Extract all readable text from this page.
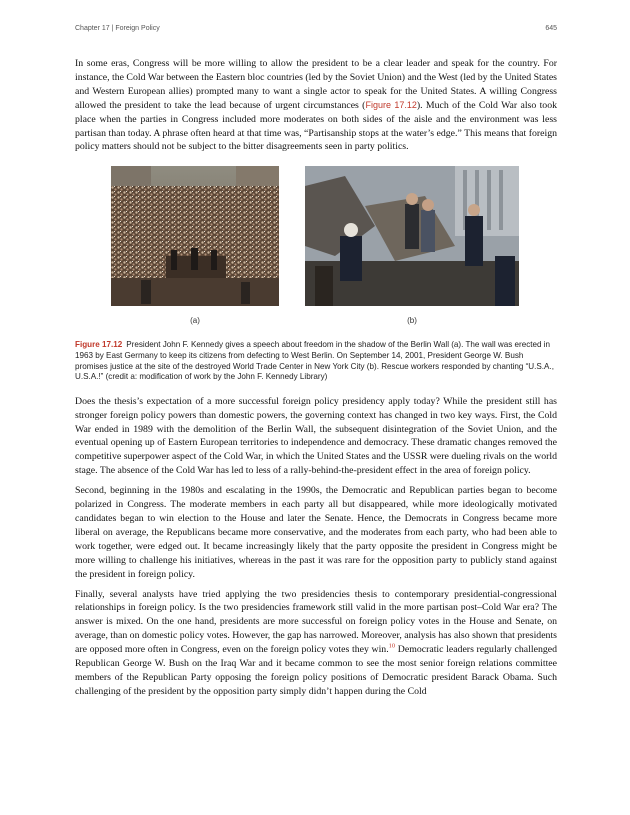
Chapter 17 | Foreign Policy	645

In some eras, Congress will be more willing to allow the president to be a clear leader and speak for the country. For instance, the Cold War between the Eastern bloc countries (led by the Soviet Union) and the West (led by the United States and Western European allies) prompted many to want a single actor to speak for the United States. A willing Congress allowed the president to take the lead because of urgent circumstances (Figure 17.12). Much of the Cold War also took place when the parties in Congress included more moderates on both sides of the aisle and the environment was less partisan than today. A phrase often heard at that time was, “Partisanship stops at the water’s edge.” This means that foreign policy matters should not be subject to the bitter disagreements seen in party politics.

(a)	(b)
Figure 17.12 President John F. Kennedy gives a speech about freedom in the shadow of the Berlin Wall (a). The wall was erected in 1963 by East Germany to keep its citizens from defecting to West Berlin. On September 14, 2001, President George W. Bush promises justice at the site of the destroyed World Trade Center in New York City (b). Rescue workers responded by chanting “U.S.A., U.S.A.!” (credit a: modification of work by the John F. Kennedy Library)

Does the thesis’s expectation of a more successful foreign policy presidency apply today? While the president still has stronger foreign policy powers than domestic powers, the governing context has changed in two key ways. First, the Cold War ended in 1989 with the demolition of the Berlin Wall, the subsequent disintegration of the Soviet Union, and the eventual opening up of Eastern European territories to independence and democracy. These dramatic changes removed the competitive superpower aspect of the Cold War, in which the United States and the USSR were dueling rivals on the world stage. The absence of the Cold War has led to less of a rally-behind-the-president effect in the area of foreign policy.

Second, beginning in the 1980s and escalating in the 1990s, the Democratic and Republican parties began to become polarized in Congress. The moderate members in each party all but disappeared, while more ideologically motivated candidates began to win election to the House and later the Senate. Hence, the Democrats in Congress became more liberal on average, the Republicans became more conservative, and the moderates from each party, who had been able to work together, were edged out. It became increasingly likely that the party opposite the president in Congress might be more willing to challenge his initiatives, whereas in the past it was rare for the opposition party to publicly stand against the president in foreign policy.

Finally, several analysts have tried applying the two presidencies thesis to contemporary presidential-congressional relationships in foreign policy. Is the two presidencies framework still valid in the more partisan post–Cold War era? The answer is mixed. On the one hand, presidents are more successful on foreign policy votes in the House and Senate, on average, than on domestic policy votes. However, the gap has narrowed. Moreover, analysis has also shown that presidents are opposed more often in Congress, even on the foreign policy votes they win.$^{10}$ Democratic leaders regularly challenged Republican George W. Bush on the Iraq War and it became common to see the most senior foreign relations committee members of the Republican Party opposing the foreign policy positions of Democratic president Barack Obama. Such challenging of the president by the opposition party simply didn’t happen during the Cold
